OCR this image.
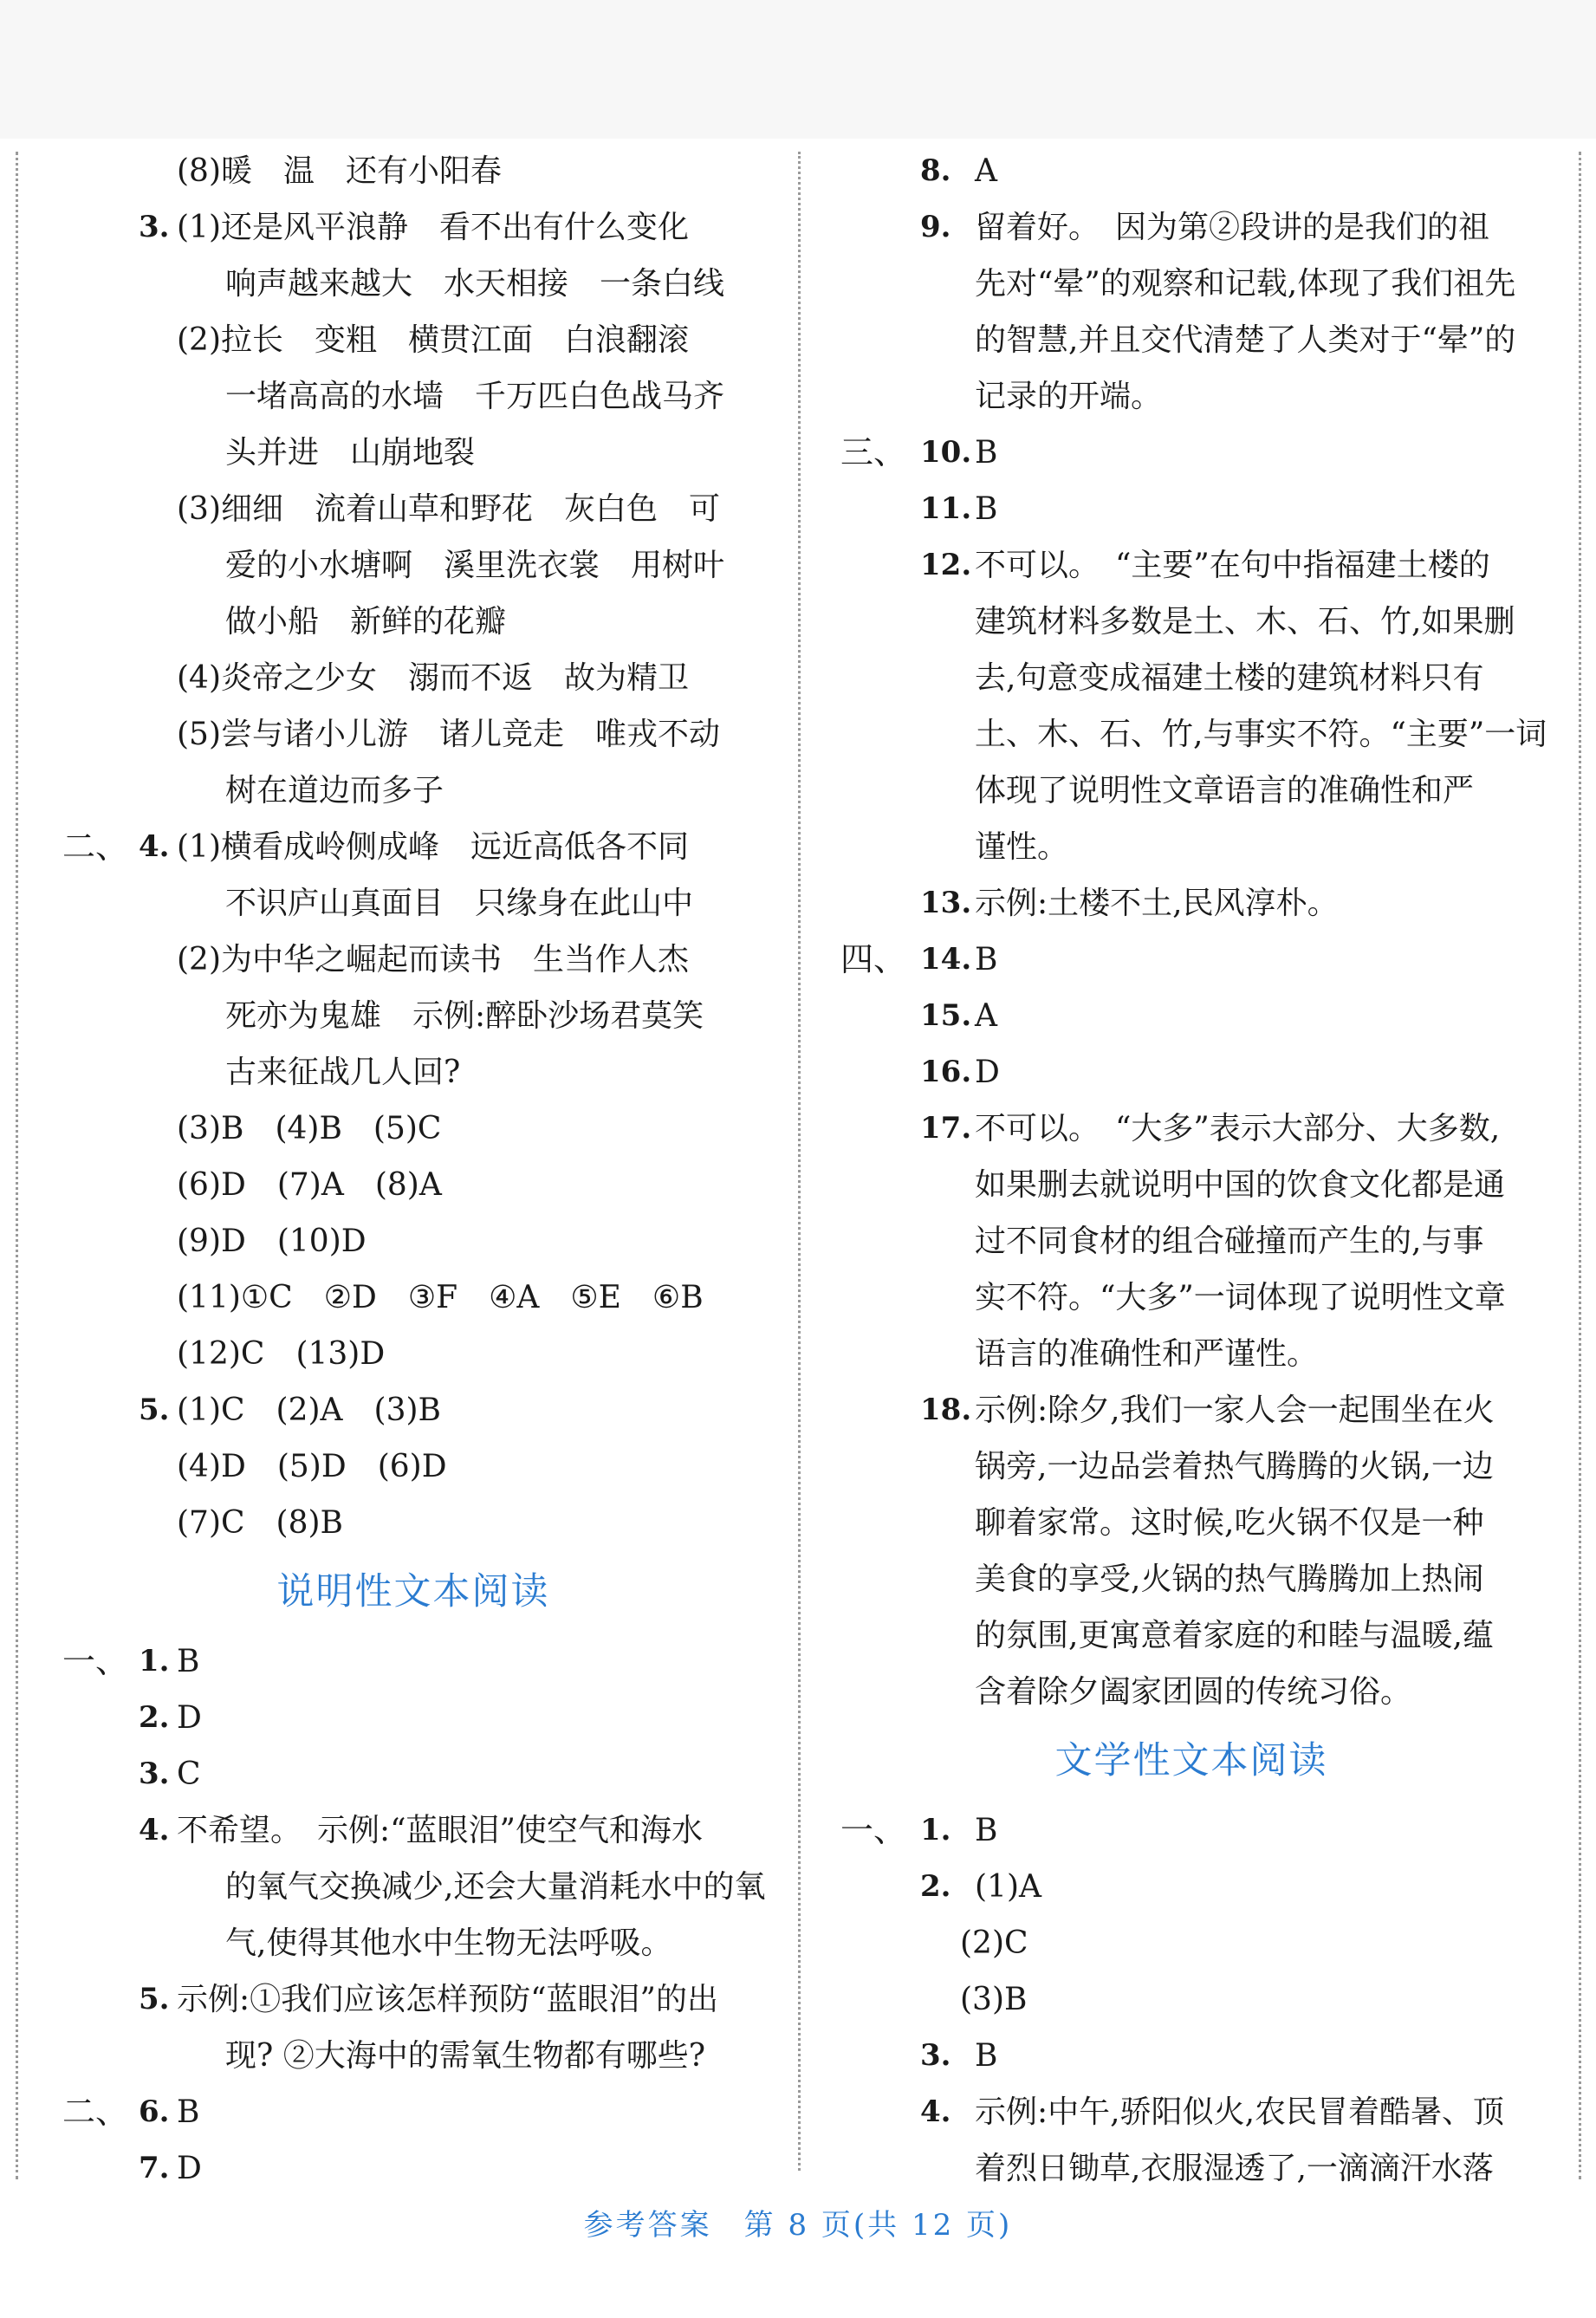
(8)暖　温　还有小阳春
3. (1)还是风平浪静　看不出有什么变化
响声越来越大　水天相接　一条白线
(2)拉长　变粗　横贯江面　白浪翻滚
一堵高高的水墙　千万匹白色战马齐
头并进　山崩地裂
(3)细细　流着山草和野花　灰白色　可
爱的小水塘啊　溪里洗衣裳　用树叶
做小船　新鲜的花瓣
(4)炎帝之少女　溺而不返　故为精卫
(5)尝与诸小儿游　诸儿竞走　唯戎不动
树在道边而多子
二、 4. (1)横看成岭侧成峰　远近高低各不同
不识庐山真面目　只缘身在此山中
(2)为中华之崛起而读书　生当作人杰
死亦为鬼雄　示例:醉卧沙场君莫笑
古来征战几人回?
(3)B　(4)B　(5)C
(6)D　(7)A　(8)A
(9)D　(10)D
(11)①C　②D　③F　④A　⑤E　⑥B
(12)C　(13)D
5. (1)C　(2)A　(3)B
(4)D　(5)D　(6)D
(7)C　(8)B
说明性文本阅读
一、 1. B
2. D
3. C
4. 不希望。　示例:“蓝眼泪”使空气和海水
的氧气交换减少,还会大量消耗水中的氧
气,使得其他水中生物无法呼吸。
5. 示例:①我们应该怎样预防“蓝眼泪”的出
现? ②大海中的需氧生物都有哪些?
二、 6. B
7. D
8. A
9. 留着好。　因为第②段讲的是我们的祖
先对“晕”的观察和记载,体现了我们祖先
的智慧,并且交代清楚了人类对于“晕”的
记录的开端。
三、 10. B
11. B
12. 不可以。　“主要”在句中指福建土楼的
建筑材料多数是土、木、石、竹,如果删
去,句意变成福建土楼的建筑材料只有
土、木、石、竹,与事实不符。“主要”一词
体现了说明性文章语言的准确性和严
谨性。
13. 示例:土楼不土,民风淳朴。
四、 14. B
15. A
16. D
17. 不可以。　“大多”表示大部分、大多数,
如果删去就说明中国的饮食文化都是通
过不同食材的组合碰撞而产生的,与事
实不符。“大多”一词体现了说明性文章
语言的准确性和严谨性。
18. 示例:除夕,我们一家人会一起围坐在火
锅旁,一边品尝着热气腾腾的火锅,一边
聊着家常。这时候,吃火锅不仅是一种
美食的享受,火锅的热气腾腾加上热闹
的氛围,更寓意着家庭的和睦与温暖,蕴
含着除夕阖家团圆的传统习俗。
文学性文本阅读
一、 1. B
2. (1)A
(2)C
(3)B
3. B
4. 示例:中午,骄阳似火,农民冒着酷暑、顶
着烈日锄草,衣服湿透了,一滴滴汗水落
参考答案　第 8 页(共 12 页)
